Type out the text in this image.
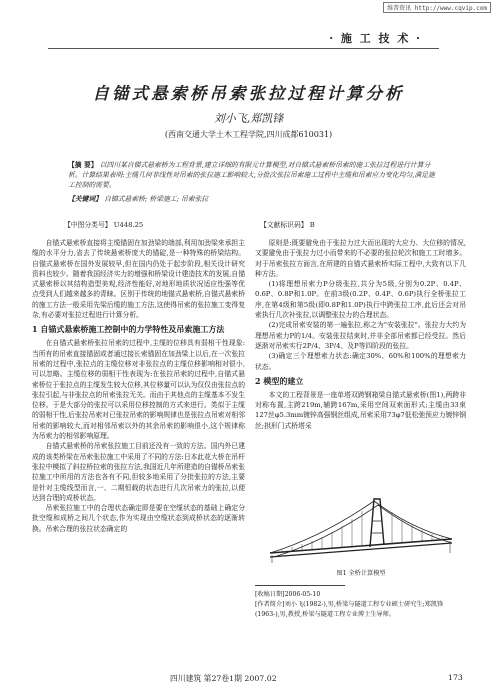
维普资讯 http://www.cqvip.com
· 施 工 技 术 ·
自锚式悬索桥吊索张拉过程计算分析
刘小飞,郑凯锋
(西南交通大学土木工程学院,四川成都610031)
【摘 要】 以四川某自锚式悬索桥为工程背景,建立详细的有限元计算模型,对自锚式悬索桥吊索的施工张拉过程进行计算分析。计算结果表明:主缆几何非线性对吊索的张拉施工影响较大,分批次张拉吊索施工过程中主缆和吊索应力变化均匀,满足施工控制的需要。
【关键词】 自锚式悬索桥; 桥梁施工; 吊索张拉
【中图分类号】 U448.25	【文献标识码】 B

自锚式悬索桥直接将主缆锚固在加劲梁的端部,利用加劲梁来承担主缆的水平分力,省去了传统悬索桥庞大的锚碇,是一种特殊的桥梁结构。自锚式悬索桥在国外发展较早,但在国内仍处于起步阶段,相关设计研究资料也较少。随着我国经济实力的增强和桥梁设计建造技术的发展,自锚式悬索桥以其结构造型美观,经济性能好,对地形地质状况适应性强等优点受到人们越来越多的青睐。区别于传统的地锚式悬索桥,自锚式悬索桥的施工方法一般采用先梁后缆的施工方法,这使得吊索的张拉施工变得复杂,有必要对张拉过程进行计算分析。

1 自锚式悬索桥施工控制中的力学特性及吊索施工方法

在自锚式悬索桥张拉吊索的过程中,主缆的位移具有弱相干性现象:当所有的吊索直接锚固或者通过接长索锚固在加劲梁上以后,在一次张拉吊索的过程中,张拉点的主缆位移对非张拉点的主缆位移影响相对很小,可以忽略。主缆位移的弱相干性表现为:在张拉吊索的过程中,自锚式悬索桥位于张拉点的主缆发生较大位移,其位移量可以认为仅仅由张拉点的张拉引起,与非张拉点的吊索张拉无关。而由于其他点的主缆基本不发生位移。于是大部分的张拉可以采用位移控制的方式来进行。类似于主缆的弱相干性,后张拉吊索对已张拉吊索的影响规律也是张拉点吊索对相邻吊索的影响较大,而对相邻吊索以外的其余吊索的影响很小,这个规律称为吊索力的相邻影响原理。

自锚式悬索桥的吊索张拉施工目前还没有一致的方法。国内外已建成的该类桥梁在吊索张拉施工中采用了不同的方法:日本此花大桥在吊杆张拉中模拟了斜拉桥拉索的张拉方法,我国近几年所建造的自锚桥吊索张拉施工中所用的方法也各有不同,但较多地采用了分批张拉的方法,主要是针对主缆线型而言,一、二期恒载的状态进行几次吊索力的张拉,以便达到合理的成桥状态。

吊索张拉施工中的合理状态确定即是要在空缆状态的基础上确定分批空缆和成桥之间几个状态,作为实现由空缆状态到成桥状态的逐渐转换。吊索合理的张拉状态确定的

原则是:既要避免由于张拉力过大而出现的大应力、大位移的情况,又要避免由于张拉力过小而带来的不必要的张拉轮次和施工工时增多。对于吊索张拉方面言,在所建的自锚式悬索桥实际工程中,大致有以下几种方法。

(1)将理想吊索力P分级张拉,共分为5级,分别为0.2P、0.4P、0.6P、0.8P和1.0P。在前3级(0.2P、0.4P、0.6P)执行全桥张拉工序,在第4级和第5级(即0.8P和1.0P)执行中跨张拉工序,此后还会对吊索执行几次补张拉,以调整张拉力的合理状态。

(2)完成吊索安装的第一遍张拉,称之为"安装张拉"。张拉力大约为理想吊索力P的1/4。安装张拉结束时,并非全部吊索都已经受拉。然后逐渐对吊索实行2P/4、3P/4、及P等四阶段的张拉。

(3)确定三个理想索力状态:确定30%、60%和100%的理想索力状态。

2 模型的建立

本文的工程背景是一座单塔双跨钢箱梁自锚式悬索桥(图1),两跨非对称布置,主跨219m,辅跨167m,采用空间双索面形式;主缆由33束127丝φ5.3mm镀锌高强钢丝组成,吊索采用73φ7低松弛预应力镀锌钢丝;拱形门式桥塔采

图1 全桥计算模型
[收稿日期]2006-05-10
[作者简介]刘小飞(1982-),男,桥梁与隧道工程专业硕士研究生;郑凯锋(1963-),男,教授,桥梁与隧道工程专业博士生导师。
四川建筑 第27卷1期 2007.02	173
